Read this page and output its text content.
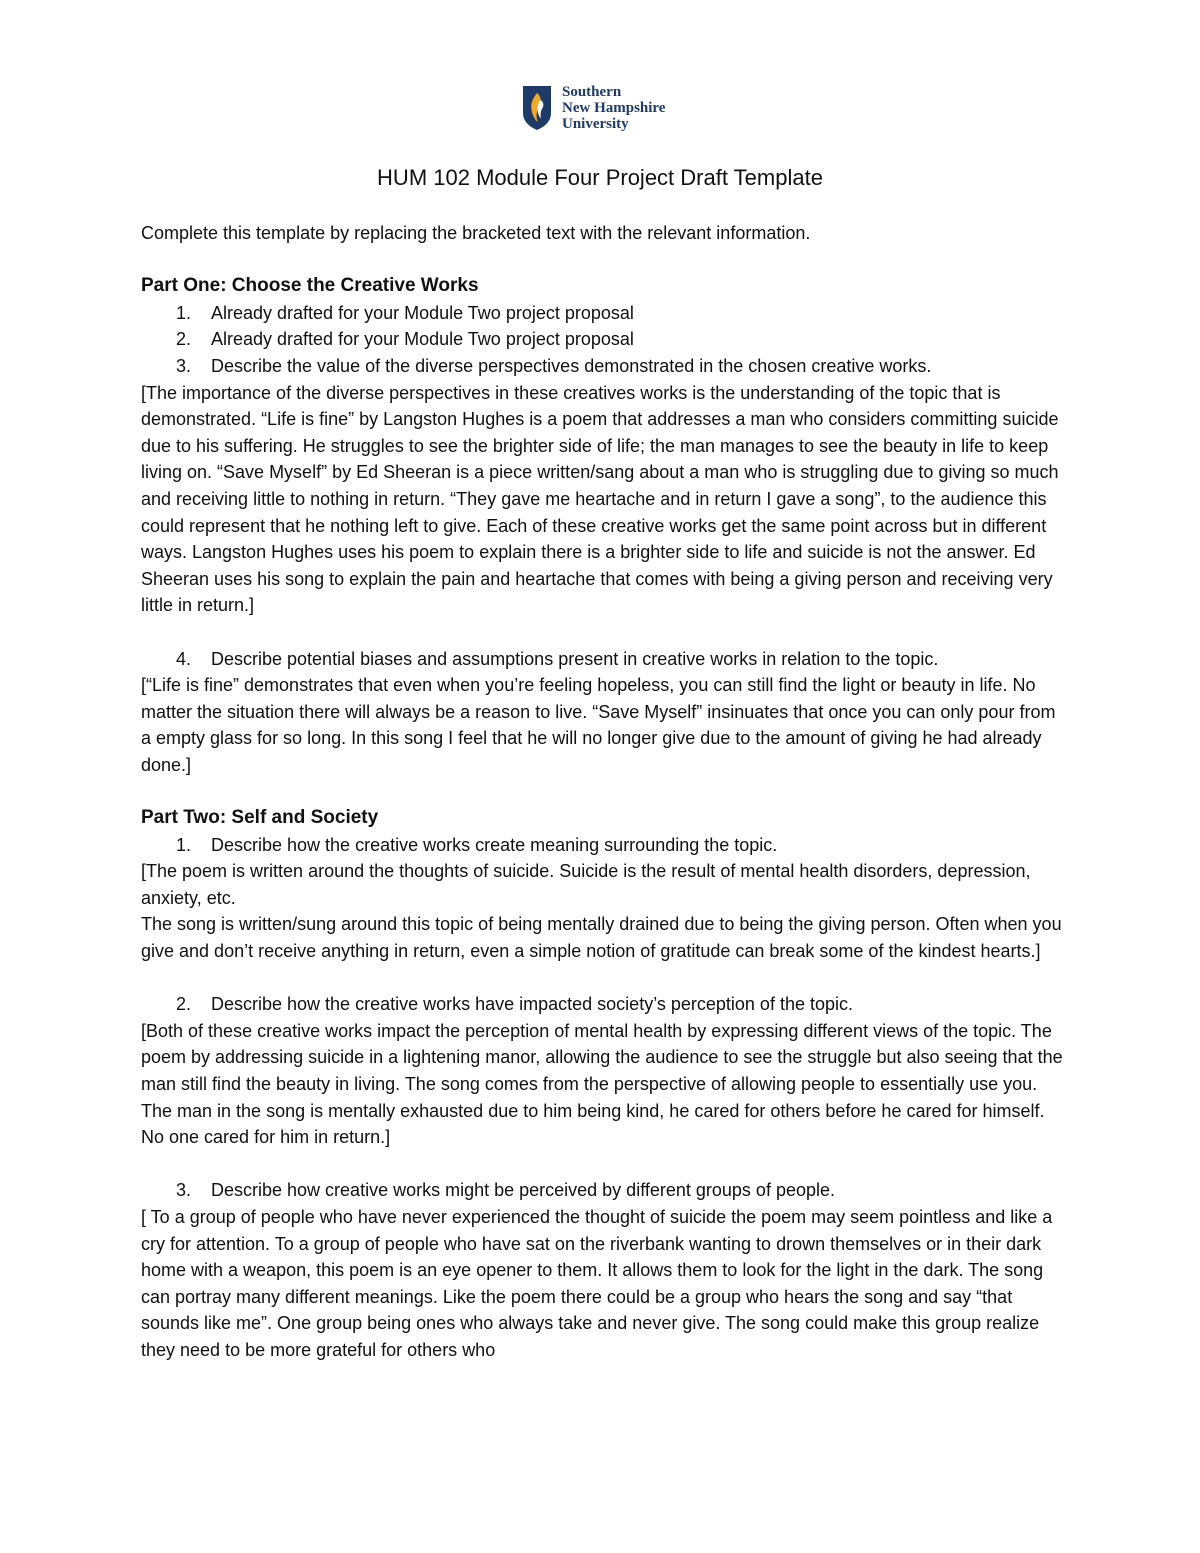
Southern
New Hampshire
University
HUM 102 Module Four Project Draft Template

Complete this template by replacing the bracketed text with the relevant information.

Part One: Choose the Creative Works

1.	Already drafted for your Module Two project proposal
2.	Already drafted for your Module Two project proposal
3.	Describe the value of the diverse perspectives demonstrated in the chosen creative works.

[The importance of the diverse perspectives in these creatives works is the understanding of the topic that is demonstrated. “Life is fine” by Langston Hughes is a poem that addresses a man who considers committing suicide due to his suffering. He struggles to see the brighter side of life; the man manages to see the beauty in life to keep living on. “Save Myself” by Ed Sheeran is a piece written/sang about a man who is struggling due to giving so much and receiving little to nothing in return. “They gave me heartache and in return I gave a song”, to the audience this could represent that he nothing left to give. Each of these creative works get the same point across but in different ways. Langston Hughes uses his poem to explain there is a brighter side to life and suicide is not the answer. Ed Sheeran uses his song to explain the pain and heartache that comes with being a giving person and receiving very little in return.]

4.	Describe potential biases and assumptions present in creative works in relation to the topic.

[“Life is fine” demonstrates that even when you’re feeling hopeless, you can still find the light or beauty in life. No matter the situation there will always be a reason to live. “Save Myself” insinuates that once you can only pour from a empty glass for so long. In this song I feel that he will no longer give due to the amount of giving he had already done.]

Part Two: Self and Society

1.	Describe how the creative works create meaning surrounding the topic.

[The poem is written around the thoughts of suicide. Suicide is the result of mental health disorders, depression, anxiety, etc.

The song is written/sung around this topic of being mentally drained due to being the giving person. Often when you give and don’t receive anything in return, even a simple notion of gratitude can break some of the kindest hearts.]

2.	Describe how the creative works have impacted society’s perception of the topic.

[Both of these creative works impact the perception of mental health by expressing different views of the topic. The poem by addressing suicide in a lightening manor, allowing the audience to see the struggle but also seeing that the man still find the beauty in living. The song comes from the perspective of allowing people to essentially use you. The man in the song is mentally exhausted due to him being kind, he cared for others before he cared for himself. No one cared for him in return.]

3.	Describe how creative works might be perceived by different groups of people.

[ To a group of people who have never experienced the thought of suicide the poem may seem pointless and like a cry for attention. To a group of people who have sat on the riverbank wanting to drown themselves or in their dark home with a weapon, this poem is an eye opener to them. It allows them to look for the light in the dark. The song can portray many different meanings. Like the poem there could be a group who hears the song and say “that sounds like me”. One group being ones who always take and never give. The song could make this group realize they need to be more grateful for others who
